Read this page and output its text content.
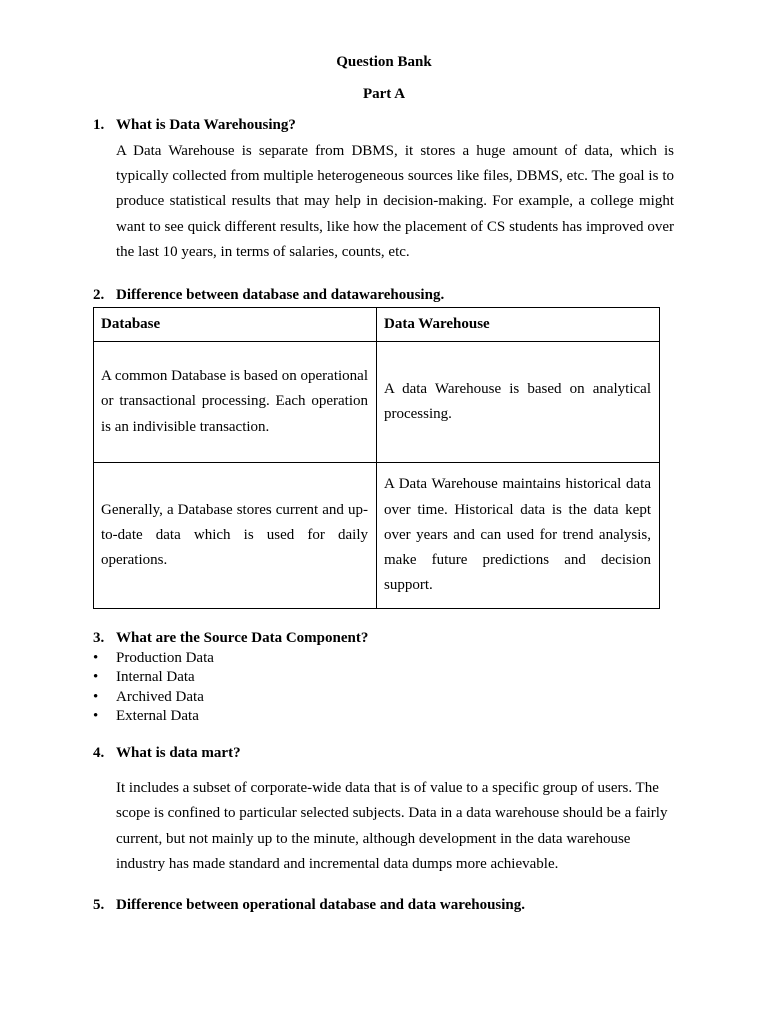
Question Bank
Part A
1. What is Data Warehousing?
A Data Warehouse is separate from DBMS, it stores a huge amount of data, which is typically collected from multiple heterogeneous sources like files, DBMS, etc. The goal is to produce statistical results that may help in decision-making. For example, a college might want to see quick different results, like how the placement of CS students has improved over the last 10 years, in terms of salaries, counts, etc.
2. Difference between database and datawarehousing.
Database	Data Warehouse
A common Database is based on operational or transactional processing. Each operation is an indivisible transaction.	A data Warehouse is based on analytical processing.
Generally, a Database stores current and up-to-date data which is used for daily operations.	A Data Warehouse maintains historical data over time. Historical data is the data kept over years and can used for trend analysis, make future predictions and decision support.
3. What are the Source Data Component?
• Production Data
• Internal Data
• Archived Data
• External Data
4. What is data mart?
It includes a subset of corporate-wide data that is of value to a specific group of users. The scope is confined to particular selected subjects. Data in a data warehouse should be a fairly current, but not mainly up to the minute, although development in the data warehouse industry has made standard and incremental data dumps more achievable.
5. Difference between operational database and data warehousing.
